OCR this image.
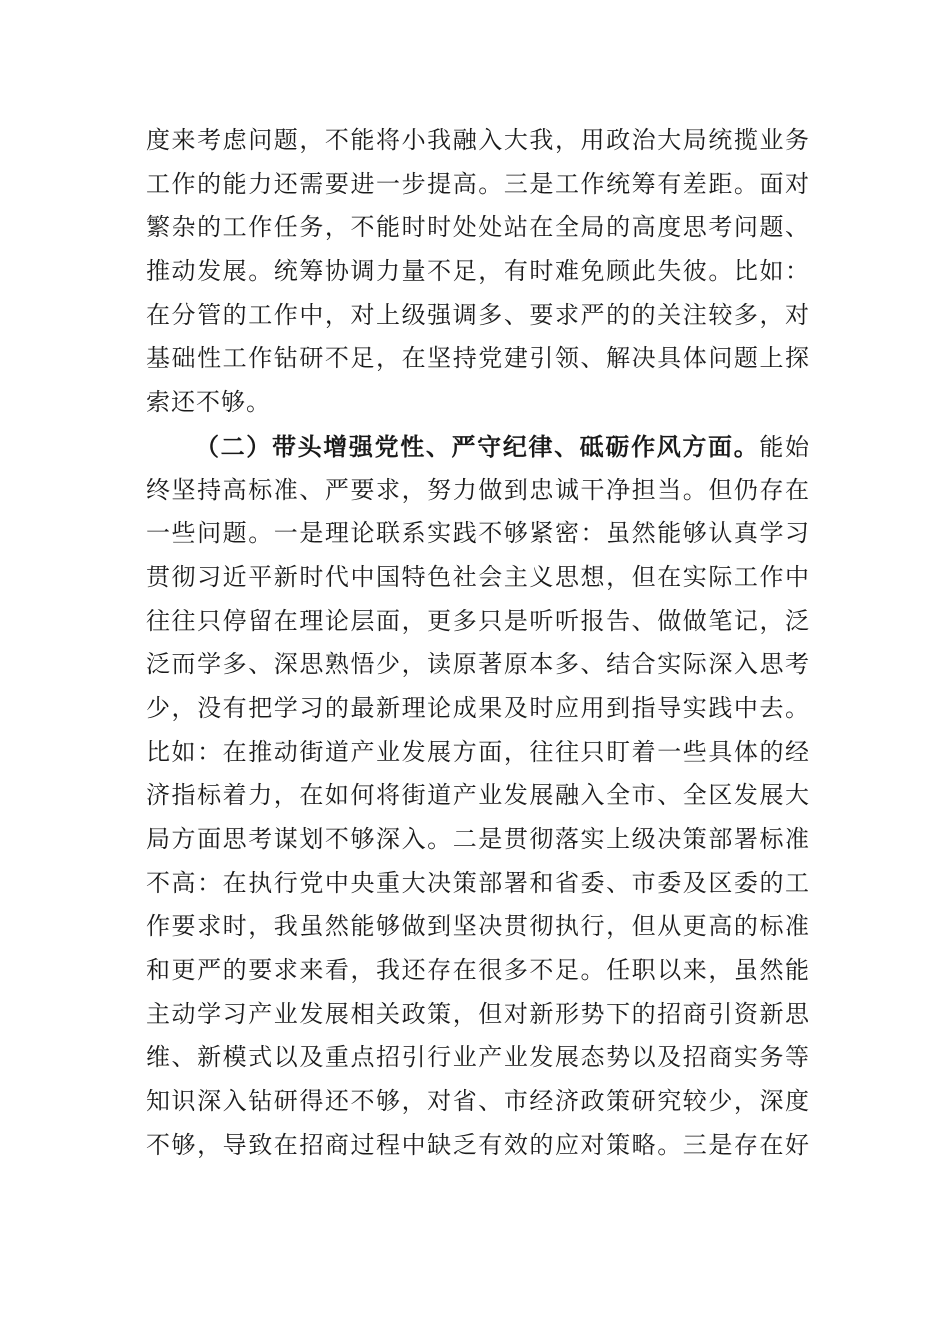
度来考虑问题，不能将小我融入大我，用政治大局统揽业务
工作的能力还需要进一步提高。三是工作统筹有差距。面对
繁杂的工作任务，不能时时处处站在全局的高度思考问题、
推动发展。统筹协调力量不足，有时难免顾此失彼。比如：
在分管的工作中，对上级强调多、要求严的的关注较多，对
基础性工作钻研不足，在坚持党建引领、解决具体问题上探
索还不够。
（二）带头增强党性、严守纪律、砥砺作风方面。能始
终坚持高标准、严要求，努力做到忠诚干净担当。但仍存在
一些问题。一是理论联系实践不够紧密：虽然能够认真学习
贯彻习近平新时代中国特色社会主义思想，但在实际工作中
往往只停留在理论层面，更多只是听听报告、做做笔记，泛
泛而学多、深思熟悟少，读原著原本多、结合实际深入思考
少，没有把学习的最新理论成果及时应用到指导实践中去。
比如：在推动街道产业发展方面，往往只盯着一些具体的经
济指标着力，在如何将街道产业发展融入全市、全区发展大
局方面思考谋划不够深入。二是贯彻落实上级决策部署标准
不高：在执行党中央重大决策部署和省委、市委及区委的工
作要求时，我虽然能够做到坚决贯彻执行，但从更高的标准
和更严的要求来看，我还存在很多不足。任职以来，虽然能
主动学习产业发展相关政策，但对新形势下的招商引资新思
维、新模式以及重点招引行业产业发展态势以及招商实务等
知识深入钻研得还不够，对省、市经济政策研究较少，深度
不够，导致在招商过程中缺乏有效的应对策略。三是存在好
